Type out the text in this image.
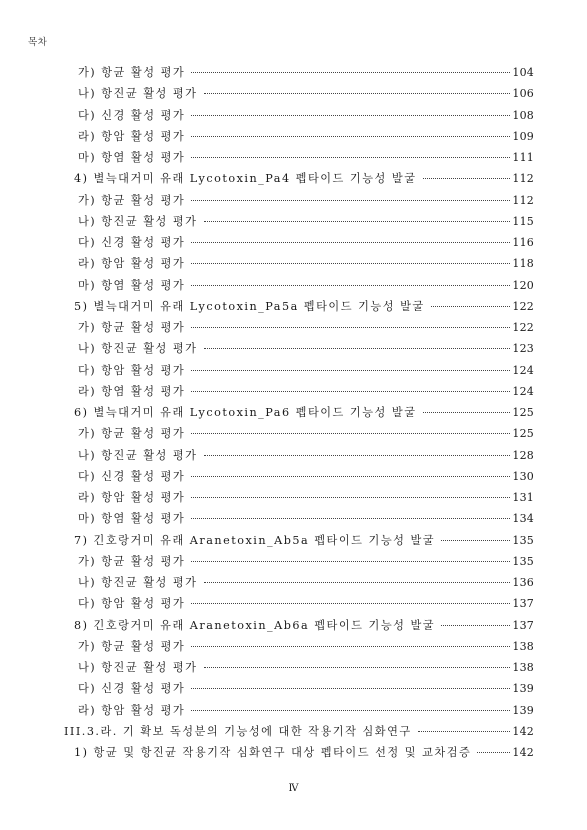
목차
가) 항균 활성 평가	104
나) 항진균 활성 평가	106
다) 신경 활성 평가	108
라) 항암 활성 평가	109
마) 항염 활성 평가	111
4) 별늑대거미 유래 Lycotoxin_Pa4 펩타이드 기능성 발굴	112
가) 항균 활성 평가	112
나) 항진균 활성 평가	115
다) 신경 활성 평가	116
라) 항암 활성 평가	118
마) 항염 활성 평가	120
5) 별늑대거미 유래 Lycotoxin_Pa5a 펩타이드 기능성 발굴	122
가) 항균 활성 평가	122
나) 항진균 활성 평가	123
다) 항암 활성 평가	124
라) 항염 활성 평가	124
6) 별늑대거미 유래 Lycotoxin_Pa6 펩타이드 기능성 발굴	125
가) 항균 활성 평가	125
나) 항진균 활성 평가	128
다) 신경 활성 평가	130
라) 항암 활성 평가	131
마) 항염 활성 평가	134
7) 긴호랑거미 유래 Aranetoxin_Ab5a 펩타이드 기능성 발굴	135
가) 항균 활성 평가	135
나) 항진균 활성 평가	136
다) 항암 활성 평가	137
8) 긴호랑거미 유래 Aranetoxin_Ab6a 펩타이드 기능성 발굴	137
가) 항균 활성 평가	138
나) 항진균 활성 평가	138
다) 신경 활성 평가	139
라) 항암 활성 평가	139
III.3.라. 기 확보 독성분의 기능성에 대한 작용기작 심화연구	142
1) 항균 및 항진균 작용기작 심화연구 대상 펩타이드 선정 및 교차검증	142
Ⅳ
